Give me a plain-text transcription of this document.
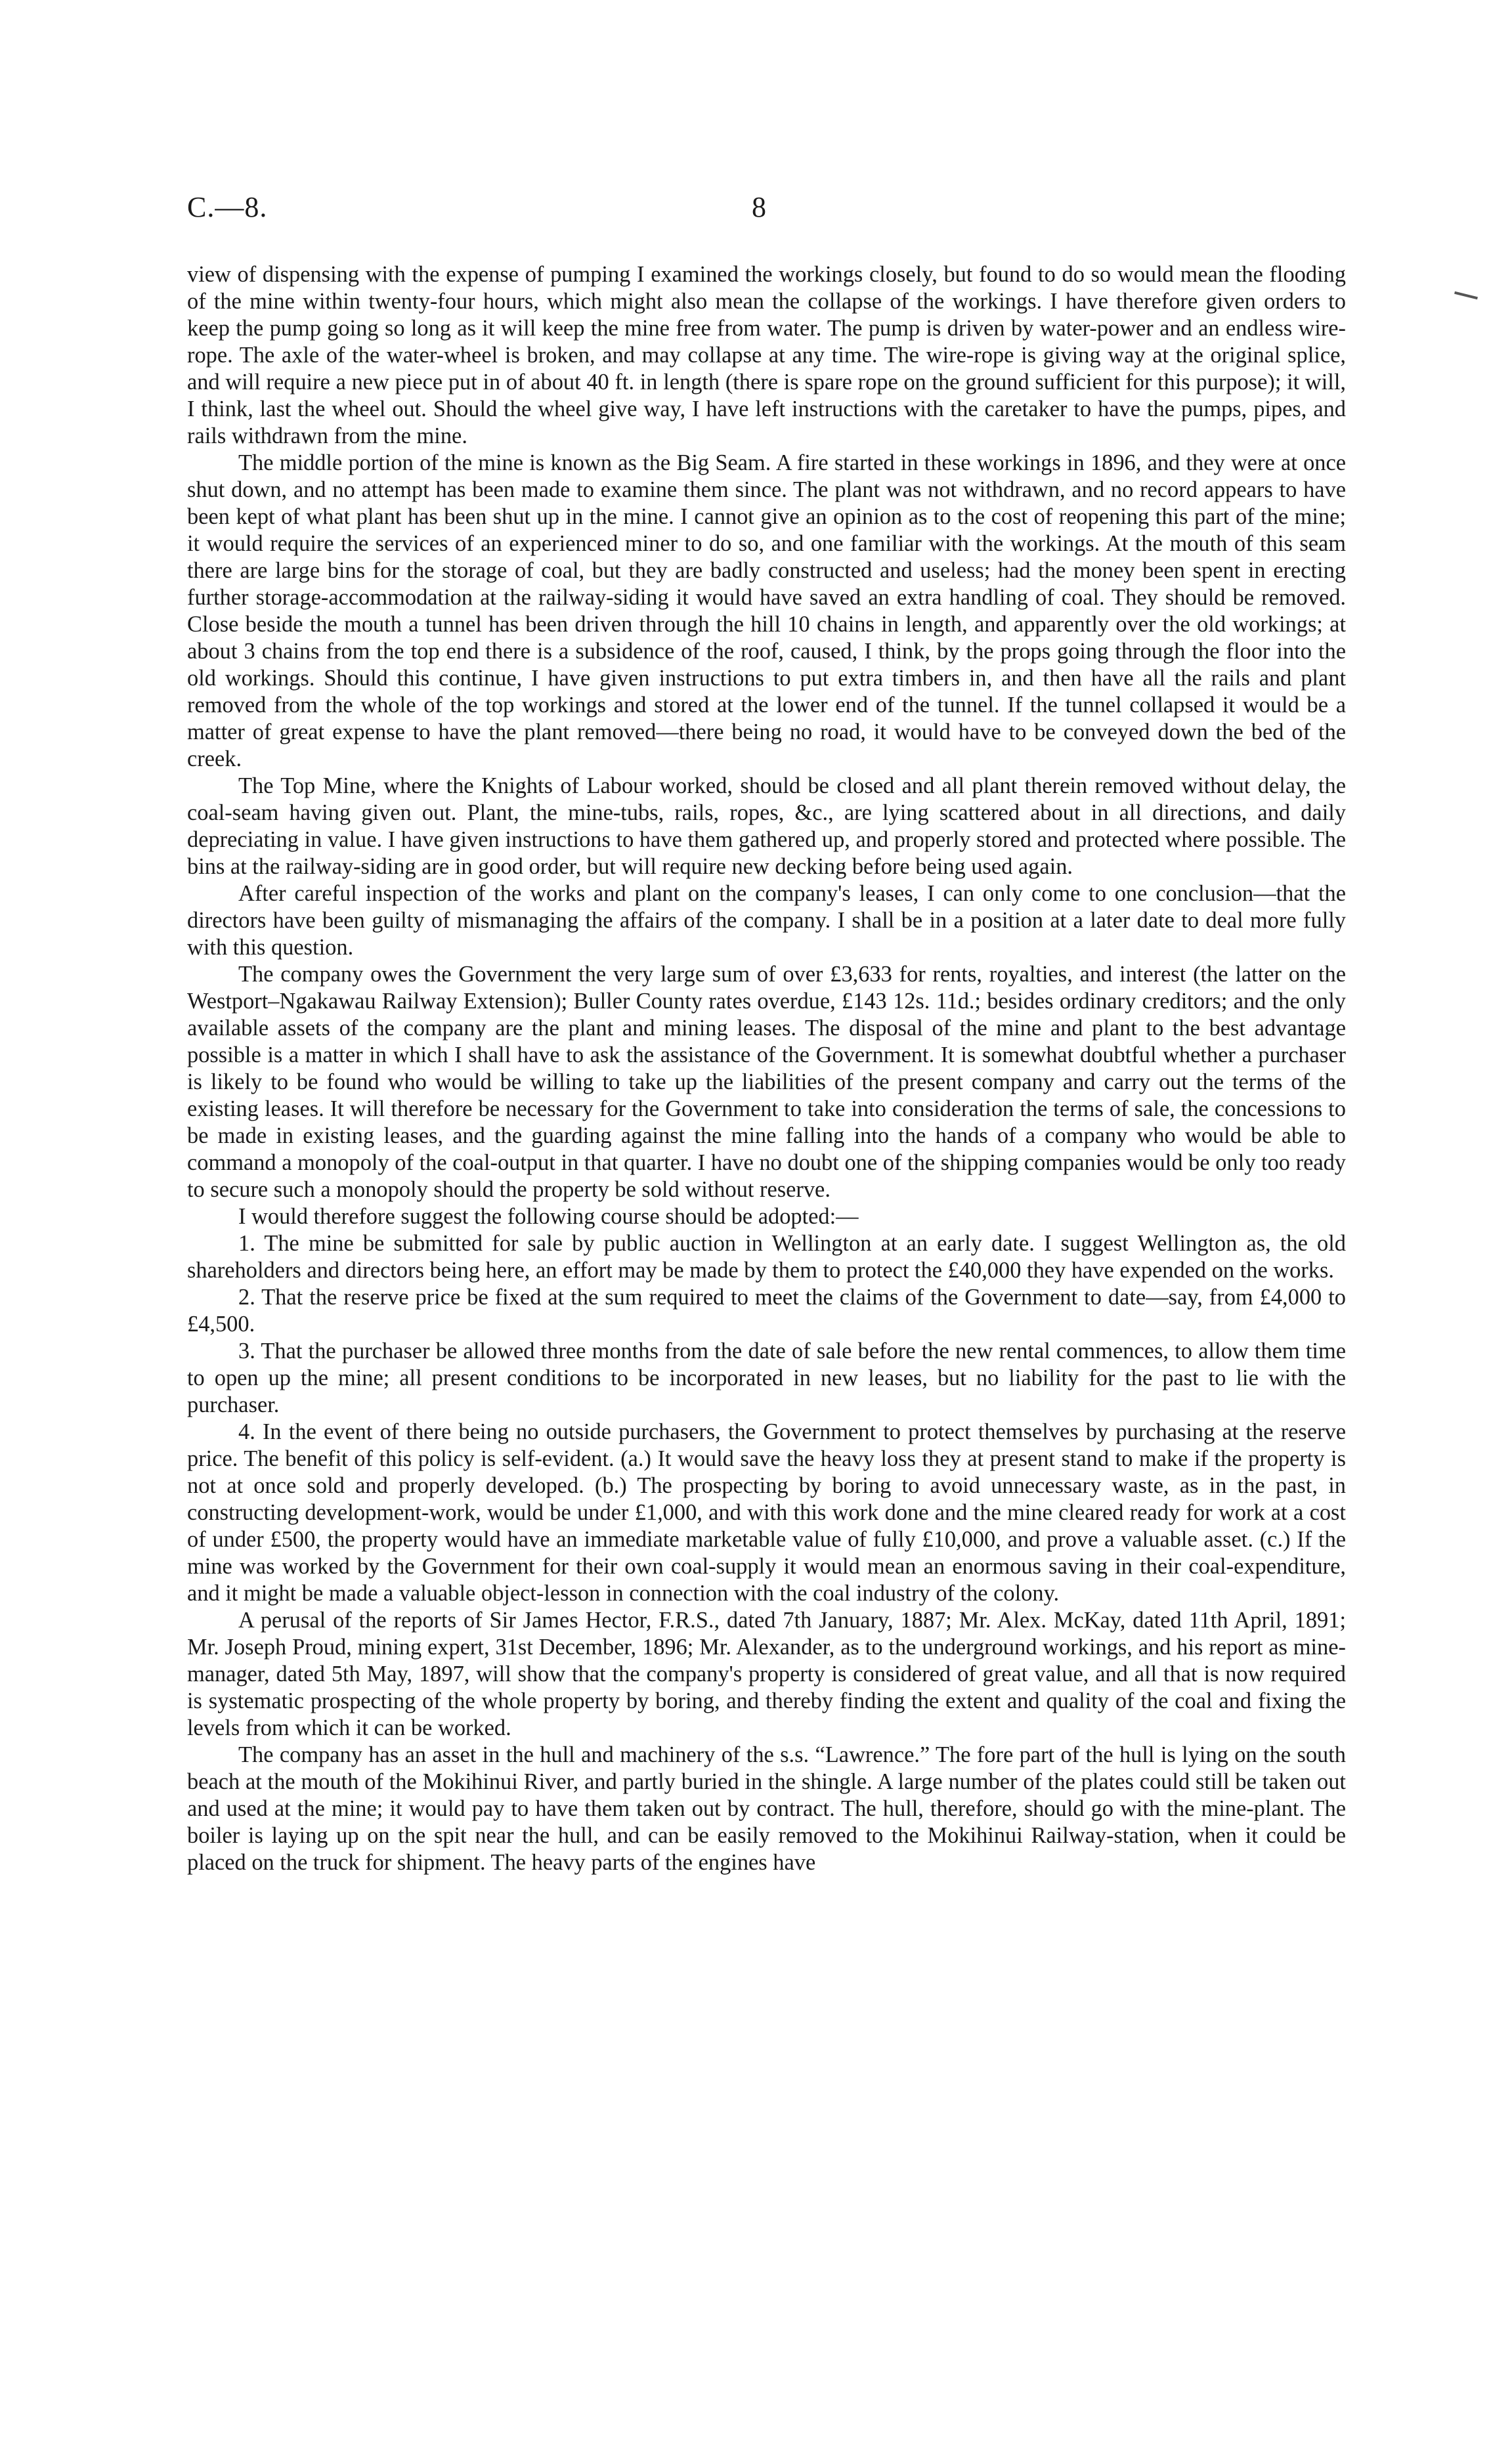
C.—8.	8

view of dispensing with the expense of pumping I examined the workings closely, but found to do so would mean the flooding of the mine within twenty-four hours, which might also mean the collapse of the workings. I have therefore given orders to keep the pump going so long as it will keep the mine free from water. The pump is driven by water-power and an endless wire-rope. The axle of the water-wheel is broken, and may collapse at any time. The wire-rope is giving way at the original splice, and will require a new piece put in of about 40 ft. in length (there is spare rope on the ground sufficient for this purpose); it will, I think, last the wheel out. Should the wheel give way, I have left instructions with the caretaker to have the pumps, pipes, and rails withdrawn from the mine.

The middle portion of the mine is known as the Big Seam. A fire started in these workings in 1896, and they were at once shut down, and no attempt has been made to examine them since. The plant was not withdrawn, and no record appears to have been kept of what plant has been shut up in the mine. I cannot give an opinion as to the cost of reopening this part of the mine; it would require the services of an experienced miner to do so, and one familiar with the workings. At the mouth of this seam there are large bins for the storage of coal, but they are badly constructed and useless; had the money been spent in erecting further storage-accommodation at the railway-siding it would have saved an extra handling of coal. They should be removed. Close beside the mouth a tunnel has been driven through the hill 10 chains in length, and apparently over the old workings; at about 3 chains from the top end there is a subsidence of the roof, caused, I think, by the props going through the floor into the old workings. Should this continue, I have given instructions to put extra timbers in, and then have all the rails and plant removed from the whole of the top workings and stored at the lower end of the tunnel. If the tunnel collapsed it would be a matter of great expense to have the plant removed—there being no road, it would have to be conveyed down the bed of the creek.

The Top Mine, where the Knights of Labour worked, should be closed and all plant therein removed without delay, the coal-seam having given out. Plant, the mine-tubs, rails, ropes, &c., are lying scattered about in all directions, and daily depreciating in value. I have given instructions to have them gathered up, and properly stored and protected where possible. The bins at the railway-siding are in good order, but will require new decking before being used again.

After careful inspection of the works and plant on the company's leases, I can only come to one conclusion—that the directors have been guilty of mismanaging the affairs of the company. I shall be in a position at a later date to deal more fully with this question.

The company owes the Government the very large sum of over £3,633 for rents, royalties, and interest (the latter on the Westport–Ngakawau Railway Extension); Buller County rates overdue, £143 12s. 11d.; besides ordinary creditors; and the only available assets of the company are the plant and mining leases. The disposal of the mine and plant to the best advantage possible is a matter in which I shall have to ask the assistance of the Government. It is somewhat doubtful whether a purchaser is likely to be found who would be willing to take up the liabilities of the present company and carry out the terms of the existing leases. It will therefore be necessary for the Government to take into consideration the terms of sale, the concessions to be made in existing leases, and the guarding against the mine falling into the hands of a company who would be able to command a monopoly of the coal-output in that quarter. I have no doubt one of the shipping companies would be only too ready to secure such a monopoly should the property be sold without reserve.

I would therefore suggest the following course should be adopted:—

1. The mine be submitted for sale by public auction in Wellington at an early date. I suggest Wellington as, the old shareholders and directors being here, an effort may be made by them to protect the £40,000 they have expended on the works.

2. That the reserve price be fixed at the sum required to meet the claims of the Government to date—say, from £4,000 to £4,500.

3. That the purchaser be allowed three months from the date of sale before the new rental commences, to allow them time to open up the mine; all present conditions to be incorporated in new leases, but no liability for the past to lie with the purchaser.

4. In the event of there being no outside purchasers, the Government to protect themselves by purchasing at the reserve price. The benefit of this policy is self-evident. (a.) It would save the heavy loss they at present stand to make if the property is not at once sold and properly developed. (b.) The prospecting by boring to avoid unnecessary waste, as in the past, in constructing development-work, would be under £1,000, and with this work done and the mine cleared ready for work at a cost of under £500, the property would have an immediate marketable value of fully £10,000, and prove a valuable asset. (c.) If the mine was worked by the Government for their own coal-supply it would mean an enormous saving in their coal-expenditure, and it might be made a valuable object-lesson in connection with the coal industry of the colony.

A perusal of the reports of Sir James Hector, F.R.S., dated 7th January, 1887; Mr. Alex. McKay, dated 11th April, 1891; Mr. Joseph Proud, mining expert, 31st December, 1896; Mr. Alexander, as to the underground workings, and his report as mine-manager, dated 5th May, 1897, will show that the company's property is considered of great value, and all that is now required is systematic prospecting of the whole property by boring, and thereby finding the extent and quality of the coal and fixing the levels from which it can be worked.

The company has an asset in the hull and machinery of the s.s. “Lawrence.” The fore part of the hull is lying on the south beach at the mouth of the Mokihinui River, and partly buried in the shingle. A large number of the plates could still be taken out and used at the mine; it would pay to have them taken out by contract. The hull, therefore, should go with the mine-plant. The boiler is laying up on the spit near the hull, and can be easily removed to the Mokihinui Railway-station, when it could be placed on the truck for shipment. The heavy parts of the engines have
